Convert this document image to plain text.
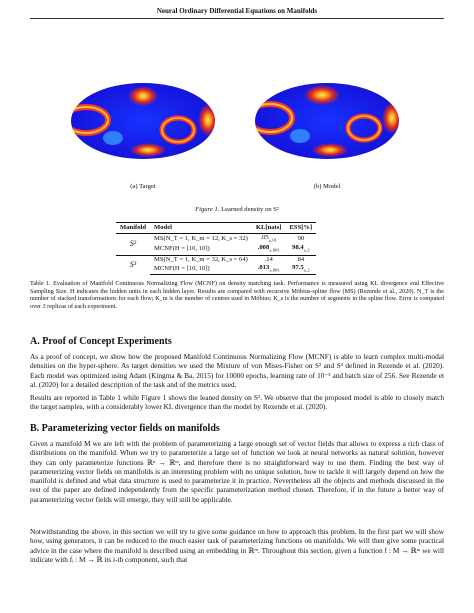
Neural Ordinary Differential Equations on Manifolds
(a) Target	(b) Model
Figure 1. Learned density on S²
Manifold	Model	KL[nats]	ESS[%]
S²	MS(N_T = 1, K_m = 12, K_s = 32)	$.05_{\pm.01}$	90
	MCNF(H = [10, 10])	$.008_{\pm.001}$	$98.4_{\pm.2}$
S³	MS(N_T = 1, K_m = 32, K_s = 64)	.14	84
	MCNF(H = [10, 10])	$.013_{\pm.001}$	$97.5_{\pm.2}$
Table 1. Evaluation of Manifold Continuous Normalizing Flow (MCNF) on density matching task. Performance is measured using KL divergence end Effective Sampling Size. H indicates the hidden units in each hidden layer. Results are compared with recursive Möbius-spline flow (MS) (Rezende et al., 2020). N_T is the number of stacked transformations for each flow; K_m is the number of centres used in Möbius; K_s is the number of segments in the spline flow. Error is computed over 3 replicas of each experiment.
A. Proof of Concept Experiments
As a proof of concept, we show how the proposed Manifold Continuous Normalizing Flow (MCNF) is able to learn complex multi-modal densities on the hyper-sphere. As target densities we used the Mixture of von Mises-Fisher on S² and S³ defined in Rezende et al. (2020). Each model was optimized using Adam (Kingma & Ba, 2015) for 10000 epochs, learning rate of 10⁻³ and batch size of 256. See Rezende et al. (2020) for a detailed description of the task and of the metrics used.
Results are reported in Table 1 while Figure 1 shows the leaned density on S². We observe that the proposed model is able to closely match the target samples, with a considerably lower KL divergence than the model by Rezende et al. (2020).
B. Parameterizing vector fields on manifolds
Given a manifold M we are left with the problem of parameterizing a large enough set of vector fields that allows to express a rich class of distributions on the manifold. When we try to parameterize a large set of function we look at neural networks as natural solution, however they can only parameterize functions ℝⁿ → ℝᵐ, and therefore there is no straightforward way to use them. Finding the best way of parameterizing vector fields on manifolds is an interesting problem with no unique solution, how to tackle it will largely depend on how the manifold is defined and what data structure is used to parameterize it in practice. Nevertheless all the objects and methods discussed in the rest of the paper are defined independently from the specific parameterization method chosen. Therefore, if in the future a better way of parameterizing vector fields will emerge, they will still be applicable.
Notwithstanding the above, in this section we will try to give some guidance on how to approach this problem. In the first part we will show how, using generators, it can be reduced to the much easier task of parameterizing functions on manifolds. We will then give some practical advice in the case where the manifold is described using an embedding in ℝᵐ. Throughout this section, given a function f : M → ℝᵐ we will indicate with fᵢ : M → ℝ its i-th component, such that
